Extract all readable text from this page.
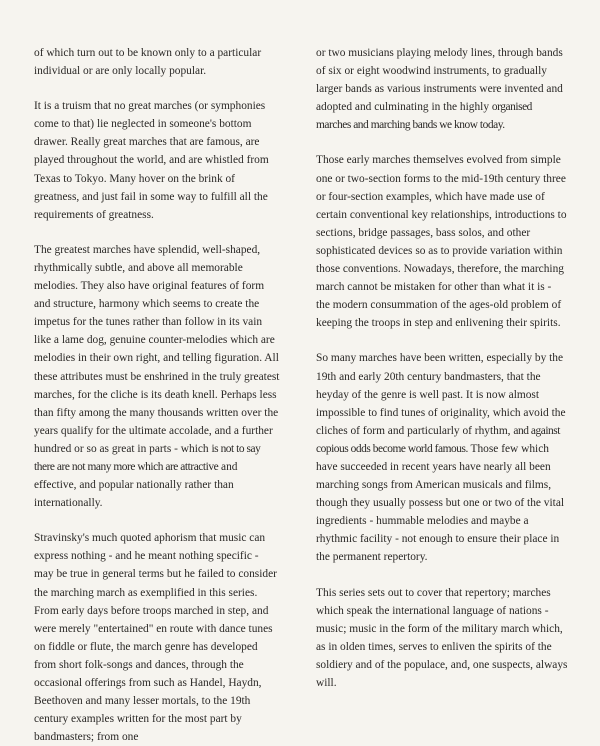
of which turn out to be known only to a particular individual or are only locally popular.

It is a truism that no great marches (or symphonies come to that) lie neglected in someone's bottom drawer. Really great marches that are famous, are played throughout the world, and are whistled from Texas to Tokyo. Many hover on the brink of greatness, and just fail in some way to fulfill all the requirements of greatness.

The greatest marches have splendid, well-shaped, rhythmically subtle, and above all memorable melodies. They also have original features of form and structure, harmony which seems to create the impetus for the tunes rather than follow in its vain like a lame dog, genuine counter-melodies which are melodies in their own right, and telling figuration. All these attributes must be enshrined in the truly greatest marches, for the cliche is its death knell. Perhaps less than fifty among the many thousands written over the years qualify for the ultimate accolade, and a further hundred or so as great in parts - which is not to say there are not many more which are attractive and effective, and popular nationally rather than internationally.

Stravinsky's much quoted aphorism that music can express nothing - and he meant nothing specific - may be true in general terms but he failed to consider the marching march as exemplified in this series. From early days before troops marched in step, and were merely "entertained" en route with dance tunes on fiddle or flute, the march genre has developed from short folk-songs and dances, through the occasional offerings from such as Handel, Haydn, Beethoven and many lesser mortals, to the 19th century examples written for the most part by bandmasters; from one

or two musicians playing melody lines, through bands of six or eight woodwind instruments, to gradually larger bands as various instruments were invented and adopted and culminating in the highly organised marches and marching bands we know today.

Those early marches themselves evolved from simple one or two-section forms to the mid-19th century three or four-section examples, which have made use of certain conventional key relationships, introductions to sections, bridge passages, bass solos, and other sophisticated devices so as to provide variation within those conventions. Nowadays, therefore, the marching march cannot be mistaken for other than what it is - the modern consummation of the ages-old problem of keeping the troops in step and enlivening their spirits.

So many marches have been written, especially by the 19th and early 20th century bandmasters, that the heyday of the genre is well past. It is now almost impossible to find tunes of originality, which avoid the cliches of form and particularly of rhythm, and against copious odds become world famous. Those few which have succeeded in recent years have nearly all been marching songs from American musicals and films, though they usually possess but one or two of the vital ingredients - hummable melodies and maybe a rhythmic facility - not enough to ensure their place in the permanent repertory.

This series sets out to cover that repertory; marches which speak the international language of nations - music; music in the form of the military march which, as in olden times, serves to enliven the spirits of the soldiery and of the populace, and, one suspects, always will.
